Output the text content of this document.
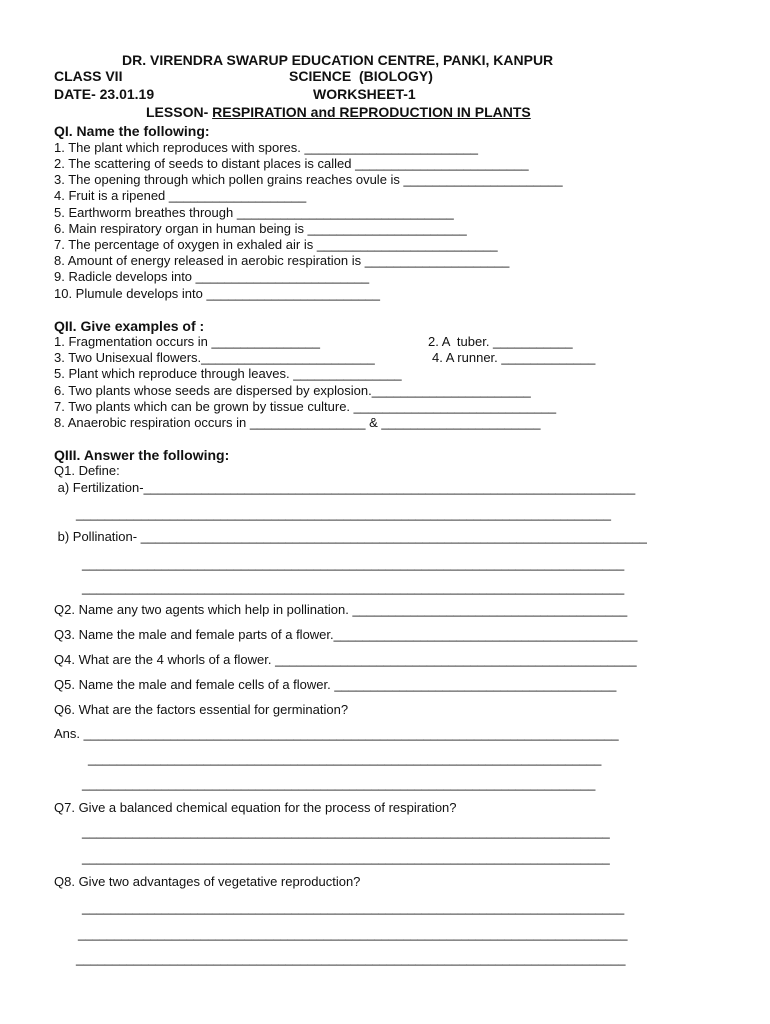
DR. VIRENDRA SWARUP EDUCATION CENTRE, PANKI, KANPUR
CLASS VII	SCIENCE  (BIOLOGY)
DATE- 23.01.19	WORKSHEET-1
LESSON- RESPIRATION and REPRODUCTION IN PLANTS
QI. Name the following:
1. The plant which reproduces with spores. ________________________
2. The scattering of seeds to distant places is called ________________________
3. The opening through which pollen grains reaches ovule is ______________________
4. Fruit is a ripened ___________________
5. Earthworm breathes through ______________________________
6. Main respiratory organ in human being is ______________________
7. The percentage of oxygen in exhaled air is _________________________
8. Amount of energy released in aerobic respiration is ____________________
9. Radicle develops into ________________________
10. Plumule develops into ________________________
QII. Give examples of :
1. Fragmentation occurs in _______________	2. A  tuber. ___________
3. Two Unisexual flowers.________________________	4. A runner. _____________
5. Plant which reproduce through leaves. _______________
6. Two plants whose seeds are dispersed by explosion.______________________
7. Two plants which can be grown by tissue culture. ____________________________
8. Anaerobic respiration occurs in ________________ & ______________________
QIII. Answer the following:
Q1. Define:
a) Fertilization-____________________________________________________________________
__________________________________________________________________________
b) Pollination- ______________________________________________________________________
___________________________________________________________________________
___________________________________________________________________________
Q2. Name any two agents which help in pollination. ______________________________________
Q3. Name the male and female parts of a flower.__________________________________________
Q4. What are the 4 whorls of a flower. __________________________________________________
Q5. Name the male and female cells of a flower. _______________________________________
Q6. What are the factors essential for germination?
Ans. __________________________________________________________________________
_______________________________________________________________________
_______________________________________________________________________
Q7. Give a balanced chemical equation for the process of respiration?
_________________________________________________________________________
_________________________________________________________________________
Q8. Give two advantages of vegetative reproduction?
___________________________________________________________________________
____________________________________________________________________________
____________________________________________________________________________
